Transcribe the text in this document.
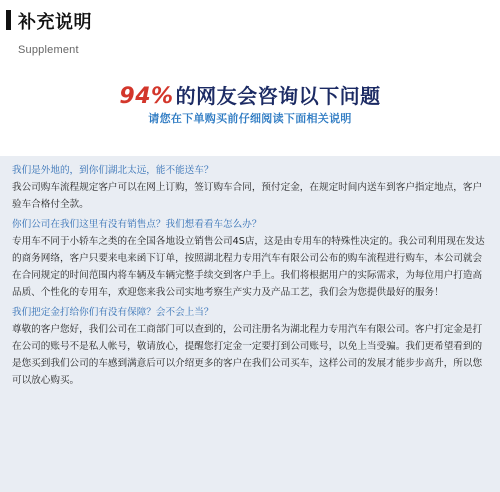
补充说明
Supplement
94% 的网友会咨询以下问题
请您在下单购买前仔细阅读下面相关说明
我们是外地的，到你们湖北太远，能不能送车？
我公司购车流程规定客户可以在网上订购，签订购车合同，预付定金，在规定时间内送车到客户指定地点，客户验车合格付全款。
你们公司在我们这里有没有销售点？我们想看看车怎么办？
专用车不同于小轿车之类的在全国各地设立销售公司4S店，这是由专用车的特殊性决定的。我公司利用现在发达的商务网络，客户只要来电来函下订单，按照湖北程力专用汽车有限公司公布的购车流程进行购车，本公司就会在合同规定的时间范围内将车辆及车辆完整手续交到客户手上。我们将根据用户的实际需求，为每位用户打造高品质、个性化的专用车，欢迎您来我公司实地考察生产实力及产品工艺，我们会为您提供最好的服务！
我们把定金打给你们有没有保障？会不会上当？
尊敬的客户您好，我们公司在工商部门可以查到的，公司注册名为湖北程力专用汽车有限公司。客户打定金是打在公司的账号不是私人帐号，敬请放心，提醒您打定金一定要打到公司账号，以免上当受骗。我们更希望看到的是您买到我们公司的车感到满意后可以介绍更多的客户在我们公司买车，这样公司的发展才能步步高升，所以您可以放心购买。
